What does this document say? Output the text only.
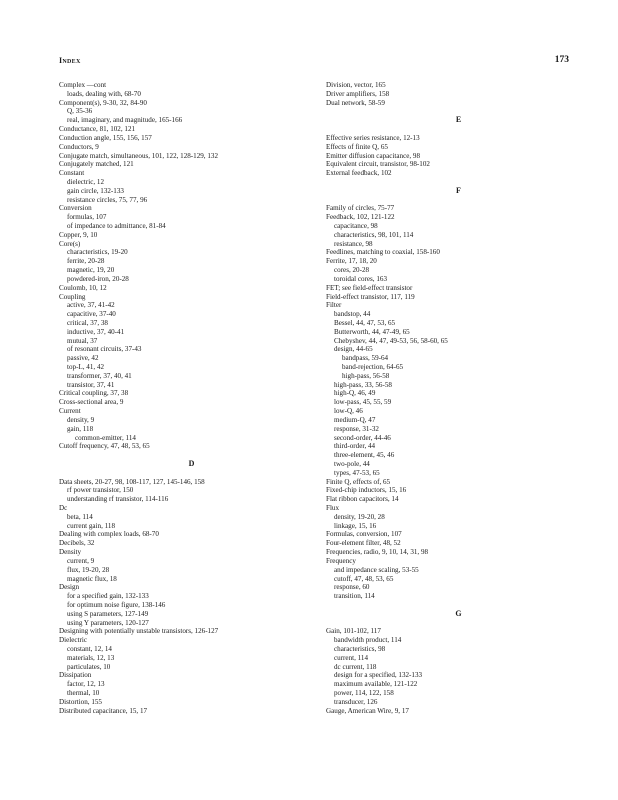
Index	173
Complex —cont
loads, dealing with, 68-70
Component(s), 9-30, 32, 84-90
Q, 35-36
real, imaginary, and magnitude, 165-166
Conductance, 81, 102, 121
Conduction angle, 155, 156, 157
Conductors, 9
Conjugate match, simultaneous, 101, 122, 128-129, 132
Conjugately matched, 121
Constant
dielectric, 12
gain circle, 132-133
resistance circles, 75, 77, 96
Conversion
formulas, 107
of impedance to admittance, 81-84
Copper, 9, 10
Core(s)
characteristics, 19-20
ferrite, 20-28
magnetic, 19, 20
powdered-iron, 20-28
Coulomb, 10, 12
Coupling
active, 37, 41-42
capacitive, 37-40
critical, 37, 38
inductive, 37, 40-41
mutual, 37
of resonant circuits, 37-43
passive, 42
top-L, 41, 42
transformer, 37, 40, 41
transistor, 37, 41
Critical coupling, 37, 38
Cross-sectional area, 9
Current
density, 9
gain, 118
common-emitter, 114
Cutoff frequency, 47, 48, 53, 65
D
Data sheets, 20-27, 98, 108-117, 127, 145-146, 158
rf power transistor, 150
understanding rf transistor, 114-116
Dc
beta, 114
current gain, 118
Dealing with complex loads, 68-70
Decibels, 32
Density
current, 9
flux, 19-20, 28
magnetic flux, 18
Design
for a specified gain, 132-133
for optimum noise figure, 138-146
using S parameters, 127-149
using Y parameters, 120-127
Designing with potentially unstable transistors, 126-127
Dielectric
constant, 12, 14
materials, 12, 13
particulates, 10
Dissipation
factor, 12, 13
thermal, 10
Distortion, 155
Distributed capacitance, 15, 17
Division, vector, 165
Driver amplifiers, 158
Dual network, 58-59
E
Effective series resistance, 12-13
Effects of finite Q, 65
Emitter diffusion capacitance, 98
Equivalent circuit, transistor, 98-102
External feedback, 102
F
Family of circles, 75-77
Feedback, 102, 121-122
capacitance, 98
characteristics, 98, 101, 114
resistance, 98
Feedlines, matching to coaxial, 158-160
Ferrite, 17, 18, 20
cores, 20-28
toroidal cores, 163
FET; see field-effect transistor
Field-effect transistor, 117, 119
Filter
bandstop, 44
Bessel, 44, 47, 53, 65
Butterworth, 44, 47-49, 65
Chebyshev, 44, 47, 49-53, 56, 58-60, 65
design, 44-65
bandpass, 59-64
band-rejection, 64-65
high-pass, 56-58
high-pass, 33, 56-58
high-Q, 46, 49
low-pass, 45, 55, 59
low-Q, 46
medium-Q, 47
response, 31-32
second-order, 44-46
third-order, 44
three-element, 45, 46
two-pole, 44
types, 47-53, 65
Finite Q, effects of, 65
Fixed-chip inductors, 15, 16
Flat ribbon capacitors, 14
Flux
density, 19-20, 28
linkage, 15, 16
Formulas, conversion, 107
Four-element filter, 48, 52
Frequencies, radio, 9, 10, 14, 31, 98
Frequency
and impedance scaling, 53-55
cutoff, 47, 48, 53, 65
response, 60
transition, 114
G
Gain, 101-102, 117
bandwidth product, 114
characteristics, 98
current, 114
dc current, 118
design for a specified, 132-133
maximum available, 121-122
power, 114, 122, 158
transducer, 126
Gauge, American Wire, 9, 17
